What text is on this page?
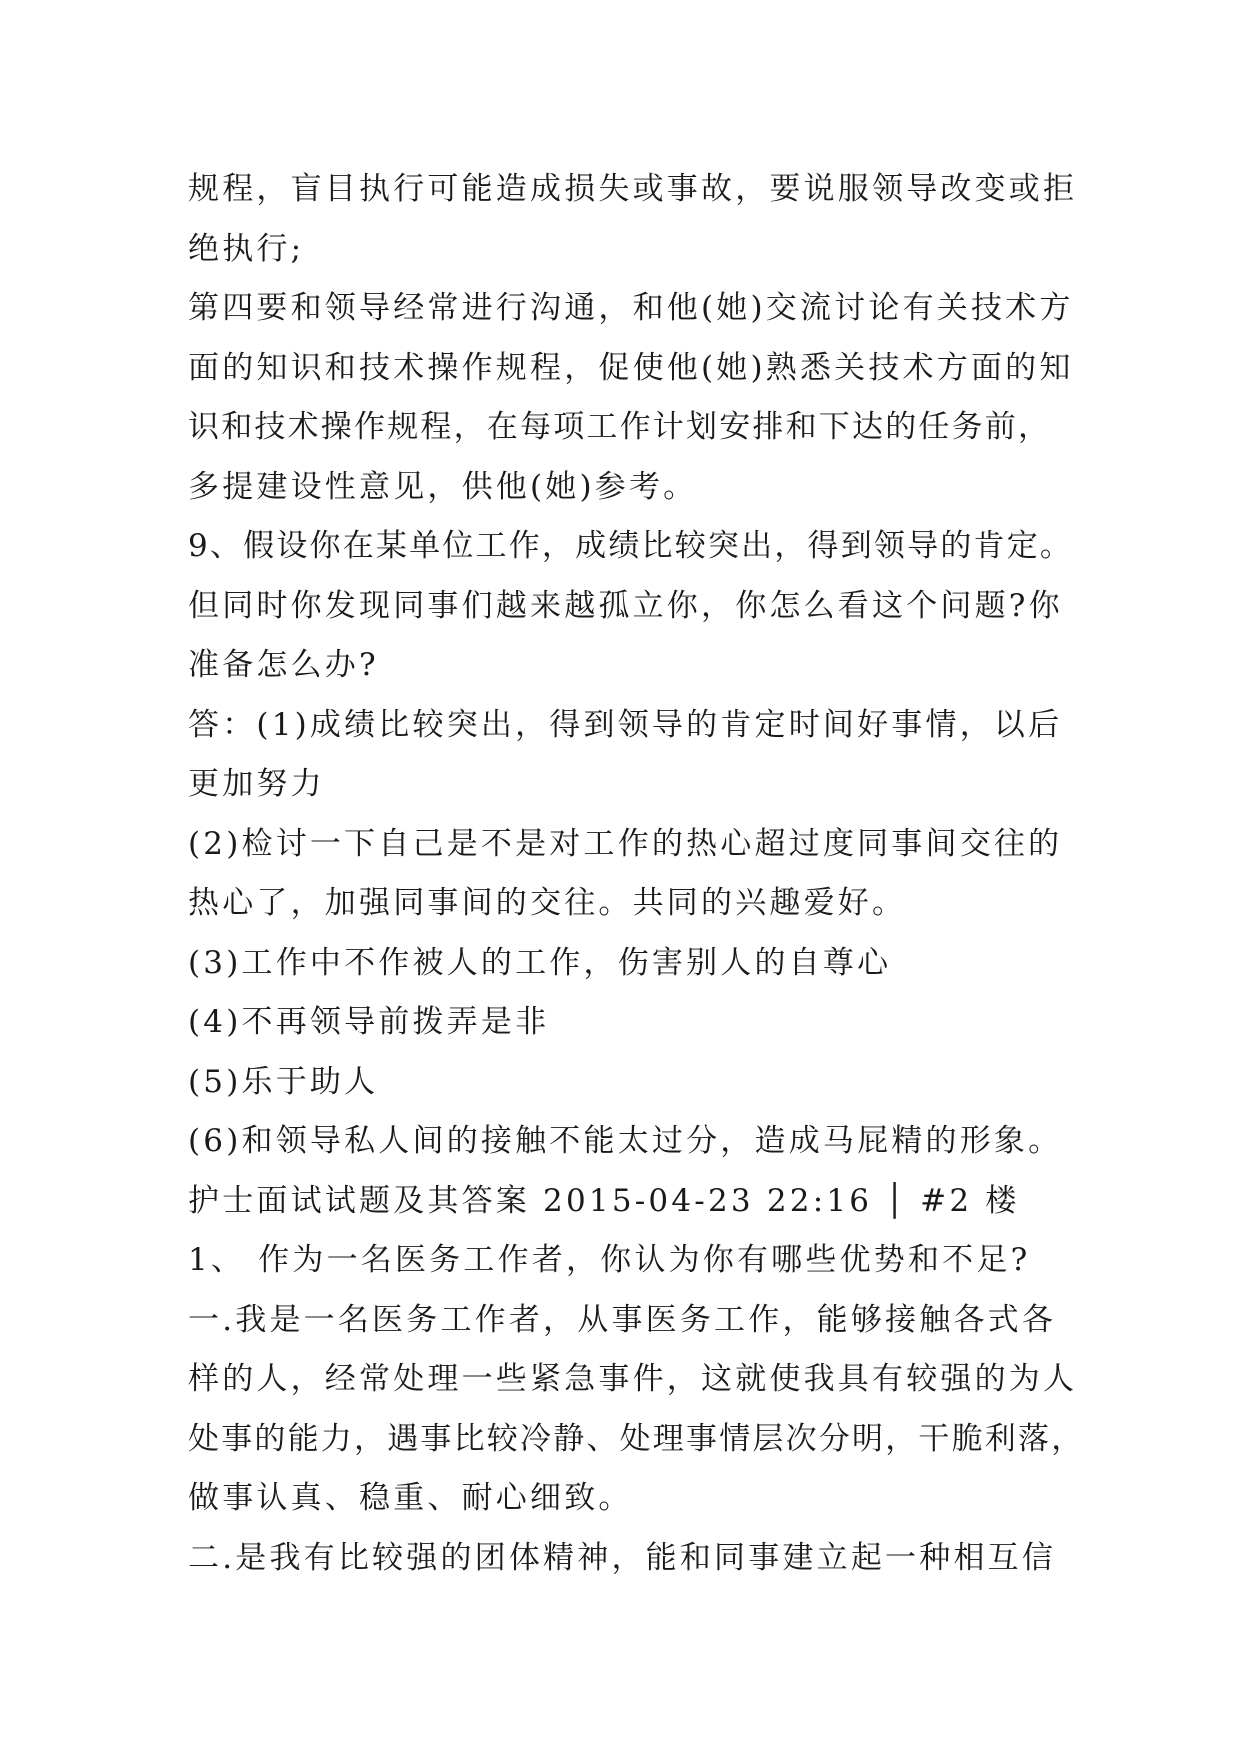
规程，盲目执行可能造成损失或事故，要说服领导改变或拒
绝执行;
第四要和领导经常进行沟通，和他(她)交流讨论有关技术方
面的知识和技术操作规程，促使他(她)熟悉关技术方面的知
识和技术操作规程，在每项工作计划安排和下达的任务前，
多提建设性意见，供他(她)参考。
9、假设你在某单位工作，成绩比较突出，得到领导的肯定。
但同时你发现同事们越来越孤立你，你怎么看这个问题?你
准备怎么办?
答：(1)成绩比较突出，得到领导的肯定时间好事情，以后
更加努力
(2)检讨一下自己是不是对工作的热心超过度同事间交往的
热心了，加强同事间的交往。共同的兴趣爱好。
(3)工作中不作被人的工作，伤害别人的自尊心
(4)不再领导前拨弄是非
(5)乐于助人
(6)和领导私人间的接触不能太过分，造成马屁精的形象。
护士面试试题及其答案 2015-04-23 22:16 │ #2 楼
1、 作为一名医务工作者，你认为你有哪些优势和不足?
一.我是一名医务工作者，从事医务工作，能够接触各式各
样的人，经常处理一些紧急事件，这就使我具有较强的为人
处事的能力，遇事比较冷静、处理事情层次分明，干脆利落，
做事认真、稳重、耐心细致。
二.是我有比较强的团体精神，能和同事建立起一种相互信
